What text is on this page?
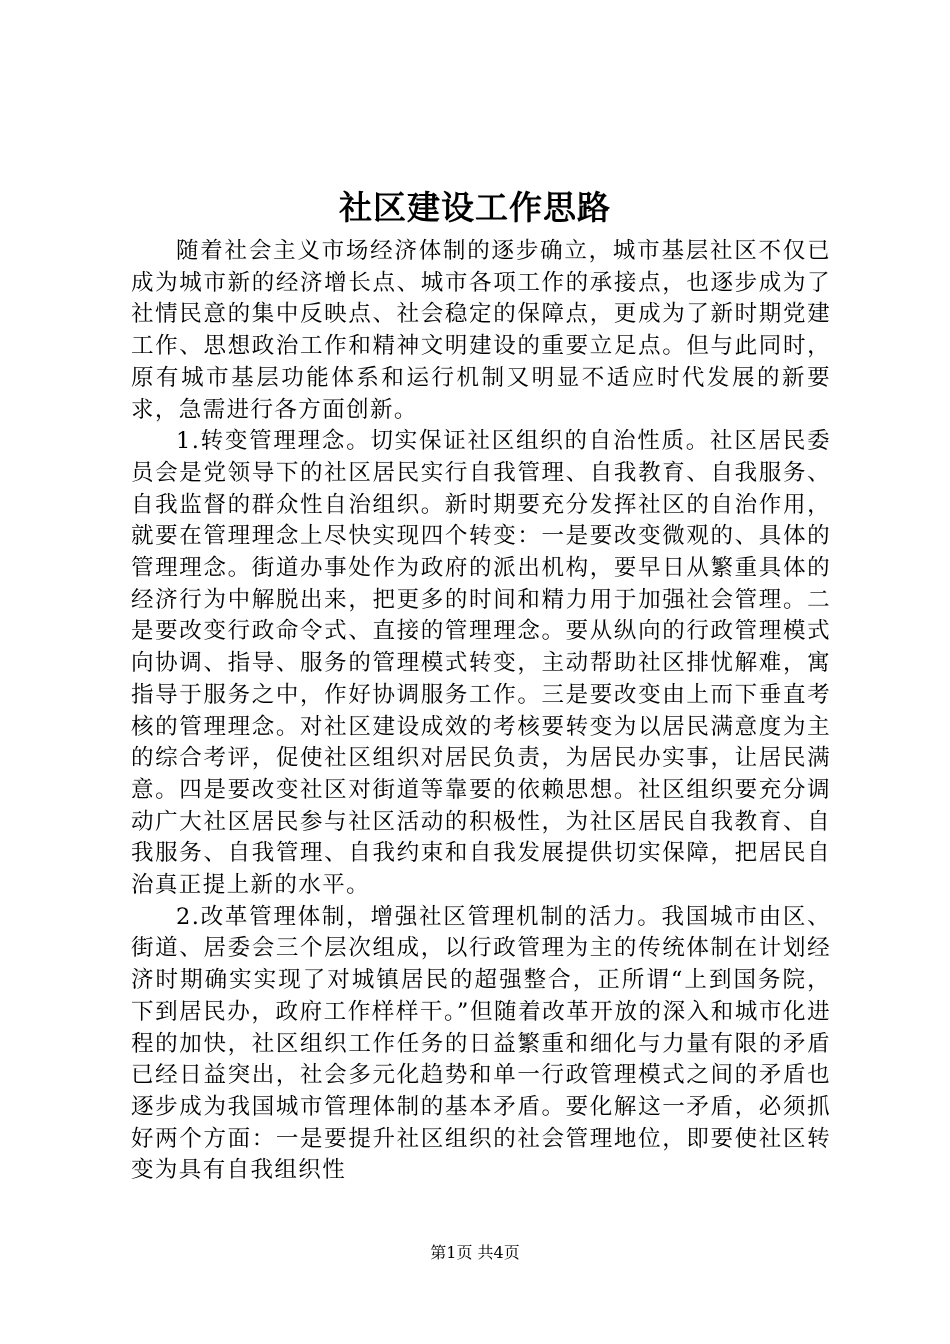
社区建设工作思路

随着社会主义市场经济体制的逐步确立，城市基层社区不仅已成为城市新的经济增长点、城市各项工作的承接点，也逐步成为了社情民意的集中反映点、社会稳定的保障点，更成为了新时期党建工作、思想政治工作和精神文明建设的重要立足点。但与此同时，原有城市基层功能体系和运行机制又明显不适应时代发展的新要求，急需进行各方面创新。

1.转变管理理念。切实保证社区组织的自治性质。社区居民委员会是党领导下的社区居民实行自我管理、自我教育、自我服务、自我监督的群众性自治组织。新时期要充分发挥社区的自治作用，就要在管理理念上尽快实现四个转变：一是要改变微观的、具体的管理理念。街道办事处作为政府的派出机构，要早日从繁重具体的经济行为中解脱出来，把更多的时间和精力用于加强社会管理。二是要改变行政命令式、直接的管理理念。要从纵向的行政管理模式向协调、指导、服务的管理模式转变，主动帮助社区排忧解难，寓指导于服务之中，作好协调服务工作。三是要改变由上而下垂直考核的管理理念。对社区建设成效的考核要转变为以居民满意度为主的综合考评，促使社区组织对居民负责，为居民办实事，让居民满意。四是要改变社区对街道等靠要的依赖思想。社区组织要充分调动广大社区居民参与社区活动的积极性，为社区居民自我教育、自我服务、自我管理、自我约束和自我发展提供切实保障，把居民自治真正提上新的水平。

2.改革管理体制，增强社区管理机制的活力。我国城市由区、街道、居委会三个层次组成，以行政管理为主的传统体制在计划经济时期确实实现了对城镇居民的超强整合，正所谓“上到国务院，下到居民办，政府工作样样干。”但随着改革开放的深入和城市化进程的加快，社区组织工作任务的日益繁重和细化与力量有限的矛盾已经日益突出，社会多元化趋势和单一行政管理模式之间的矛盾也逐步成为我国城市管理体制的基本矛盾。要化解这一矛盾，必须抓好两个方面：一是要提升社区组织的社会管理地位，即要使社区转变为具有自我组织性

第1页 共4页
